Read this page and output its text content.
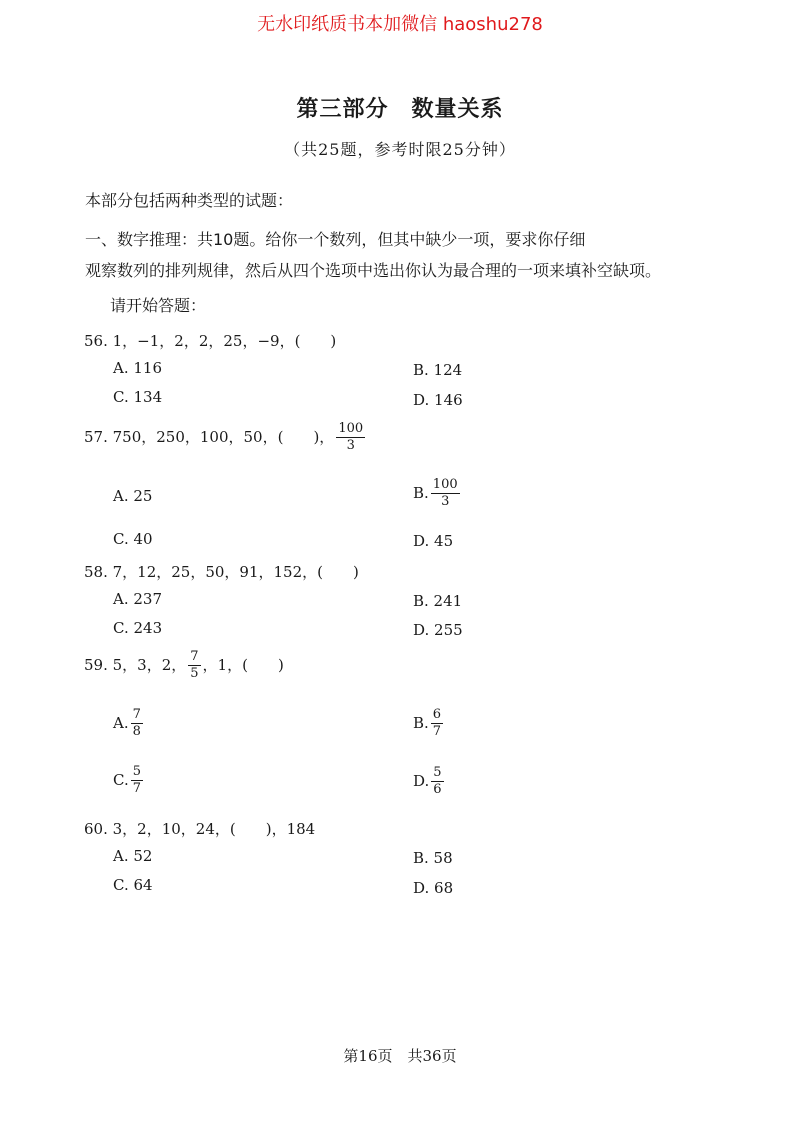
无水印纸质书本加微信 haoshu278
第三部分　数量关系
（共25题，参考时限25分钟）
本部分包括两种类型的试题：
一、数字推理：共10题。给你一个数列，但其中缺少一项，要求你仔细
观察数列的排列规律，然后从四个选项中选出你认为最合理的一项来填补空缺项。
请开始答题：
56. 1，−1，2，2，25，−9，(　　)
A. 116	B. 124
C. 134	D. 146
57. 750，250，100，50，(　　)， $\frac{100}{3}$
A. 25	B. $\frac{100}{3}$
C. 40	D. 45
58. 7，12，25，50，91，152，(　　)
A. 237	B. 241
C. 243	D. 255
59. 5，3，2， $\frac{7}{5}$ ，1，(　　)
A. $\frac{7}{8}$	B. $\frac{6}{7}$
C. $\frac{5}{7}$	D. $\frac{5}{6}$
60. 3，2，10，24，(　　)，184
A. 52	B. 58
C. 64	D. 68
第16页　共36页
